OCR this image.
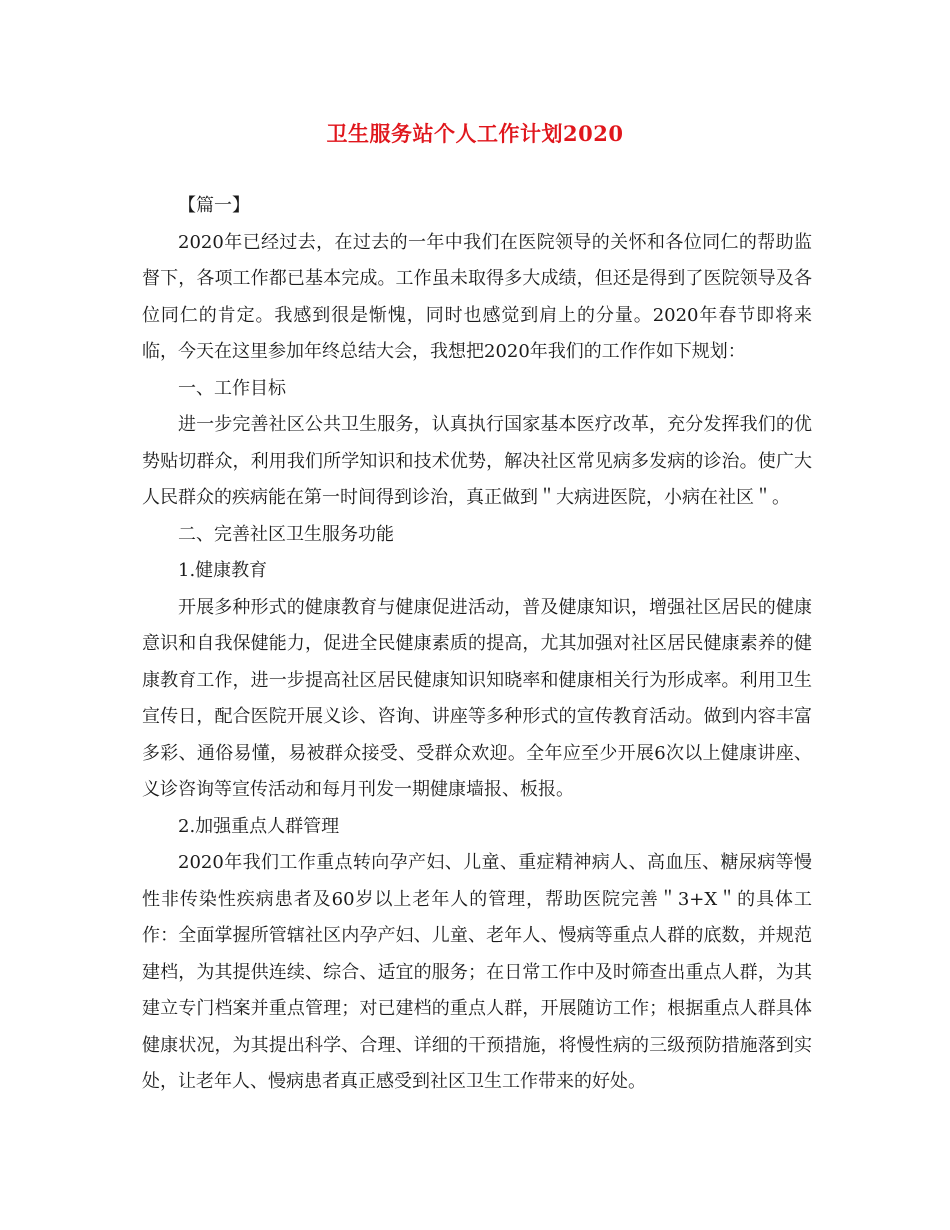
卫生服务站个人工作计划2020

【篇一】

2020年已经过去，在过去的一年中我们在医院领导的关怀和各位同仁的帮助监督下，各项工作都已基本完成。工作虽未取得多大成绩，但还是得到了医院领导及各位同仁的肯定。我感到很是惭愧，同时也感觉到肩上的分量。2020年春节即将来临，今天在这里参加年终总结大会，我想把2020年我们的工作作如下规划：

一、工作目标

进一步完善社区公共卫生服务，认真执行国家基本医疗改革，充分发挥我们的优势贴切群众，利用我们所学知识和技术优势，解决社区常见病多发病的诊治。使广大人民群众的疾病能在第一时间得到诊治，真正做到＂大病进医院，小病在社区＂。

二、完善社区卫生服务功能

1.健康教育

开展多种形式的健康教育与健康促进活动，普及健康知识，增强社区居民的健康意识和自我保健能力，促进全民健康素质的提高，尤其加强对社区居民健康素养的健康教育工作，进一步提高社区居民健康知识知晓率和健康相关行为形成率。利用卫生宣传日，配合医院开展义诊、咨询、讲座等多种形式的宣传教育活动。做到内容丰富多彩、通俗易懂，易被群众接受、受群众欢迎。全年应至少开展6次以上健康讲座、义诊咨询等宣传活动和每月刊发一期健康墙报、板报。

2.加强重点人群管理

2020年我们工作重点转向孕产妇、儿童、重症精神病人、高血压、糖尿病等慢性非传染性疾病患者及60岁以上老年人的管理，帮助医院完善＂3+X＂的具体工作：全面掌握所管辖社区内孕产妇、儿童、老年人、慢病等重点人群的底数，并规范建档，为其提供连续、综合、适宜的服务；在日常工作中及时筛查出重点人群，为其建立专门档案并重点管理；对已建档的重点人群，开展随访工作；根据重点人群具体健康状况，为其提出科学、合理、详细的干预措施，将慢性病的三级预防措施落到实处，让老年人、慢病患者真正感受到社区卫生工作带来的好处。
